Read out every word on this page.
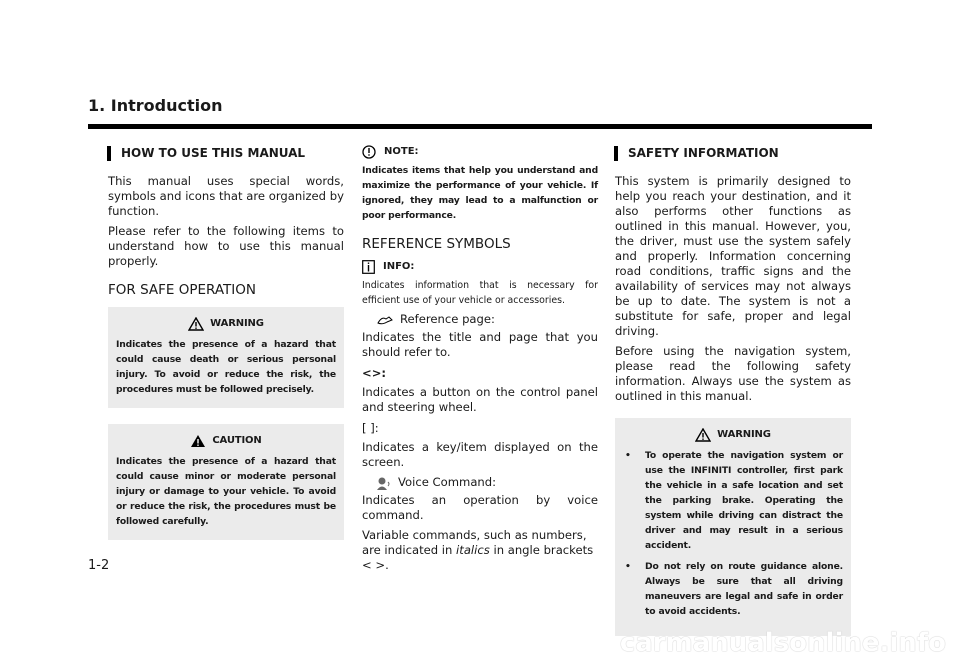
1. Introduction
HOW TO USE THIS MANUAL

This manual uses special words, symbols and icons that are organized by function.

Please refer to the following items to understand how to use this manual properly.

FOR SAFE OPERATION
WARNING
Indicates the presence of a hazard that could cause death or serious personal injury. To avoid or reduce the risk, the procedures must be followed precisely.
CAUTION
Indicates the presence of a hazard that could cause minor or moderate personal injury or damage to your vehicle. To avoid or reduce the risk, the procedures must be followed carefully.
NOTE:
Indicates items that help you understand and maximize the performance of your vehicle. If ignored, they may lead to a malfunction or poor performance.
REFERENCE SYMBOLS
INFO:
Indicates information that is necessary for efficient use of your vehicle or accessories.
Reference page:

Indicates the title and page that you should refer to.

<>:

Indicates a button on the control panel and steering wheel.

[ ]:

Indicates a key/item displayed on the screen.

Voice Command:

Indicates an operation by voice command.

Variable commands, such as numbers, are indicated in italics in angle brackets < >.

SAFETY INFORMATION

This system is primarily designed to help you reach your destination, and it also performs other functions as outlined in this manual. However, you, the driver, must use the system safely and properly. Information concerning road conditions, traffic signs and the availability of services may not always be up to date. The system is not a substitute for safe, proper and legal driving.

Before using the navigation system, please read the following safety information. Always use the system as outlined in this manual.

WARNING
• To operate the navigation system or use the INFINITI controller, first park the vehicle in a safe location and set the parking brake. Operating the system while driving can distract the driver and may result in a serious accident.
• Do not rely on route guidance alone. Always be sure that all driving maneuvers are legal and safe in order to avoid accidents.
1-2
carmanualsonline.info
